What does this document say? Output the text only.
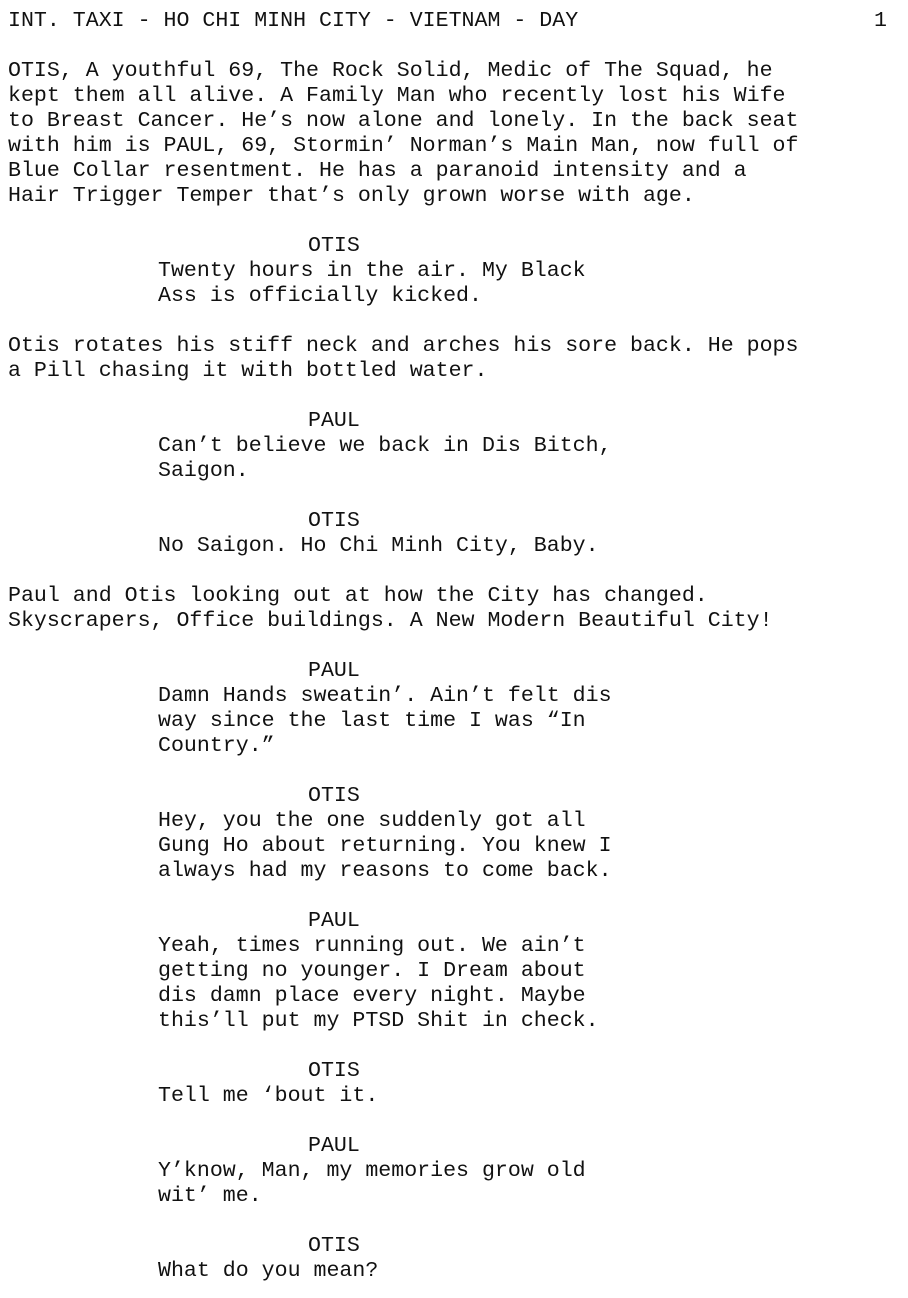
INT. TAXI - HO CHI MINH CITY - VIETNAM - DAY	1
OTIS, A youthful 69, The Rock Solid, Medic of The Squad, he
kept them all alive. A Family Man who recently lost his Wife
to Breast Cancer. He’s now alone and lonely. In the back seat
with him is PAUL, 69, Stormin’ Norman’s Main Man, now full of
Blue Collar resentment. He has a paranoid intensity and a
Hair Trigger Temper that’s only grown worse with age.
OTIS
Twenty hours in the air. My Black
Ass is officially kicked.
Otis rotates his stiff neck and arches his sore back. He pops
a Pill chasing it with bottled water.
PAUL
Can’t believe we back in Dis Bitch,
Saigon.
OTIS
No Saigon. Ho Chi Minh City, Baby.
Paul and Otis looking out at how the City has changed.
Skyscrapers, Office buildings. A New Modern Beautiful City!
PAUL
Damn Hands sweatin’. Ain’t felt dis
way since the last time I was “In
Country.”
OTIS
Hey, you the one suddenly got all
Gung Ho about returning. You knew I
always had my reasons to come back.
PAUL
Yeah, times running out. We ain’t
getting no younger. I Dream about
dis damn place every night. Maybe
this’ll put my PTSD Shit in check.
OTIS
Tell me ‘bout it.
PAUL
Y’know, Man, my memories grow old
wit’ me.
OTIS
What do you mean?
